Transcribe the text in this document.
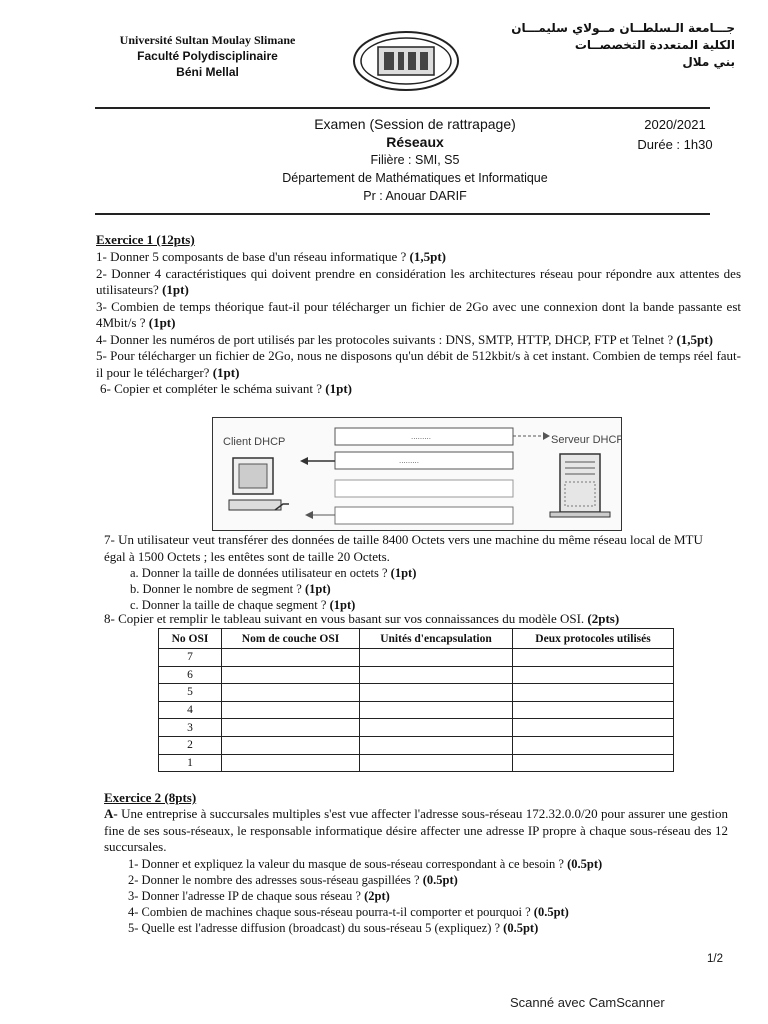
Université Sultan Moulay Slimane
Faculté Polydisciplinaire
Béni Mellal
جـــامعة الـسلطــان مــولاي سليمـــان
الكلية المتعددة التخصصــات
بني ملال
Examen (Session de rattrapage)
Réseaux
Filière : SMI, S5
Département de Mathématiques et Informatique
Pr : Anouar DARIF
2020/2021
Durée : 1h30
Exercice 1 (12pts)
1- Donner 5 composants de base d'un réseau informatique ? (1,5pt)
2- Donner 4 caractéristiques qui doivent prendre en considération les architectures réseau pour répondre aux attentes des utilisateurs? (1pt)
3- Combien de temps théorique faut-il pour télécharger un fichier de 2Go avec une connexion dont la bande passante est 4Mbit/s ? (1pt)
4- Donner les numéros de port utilisés par les protocoles suivants : DNS, SMTP, HTTP, DHCP, FTP et Telnet ? (1,5pt)
5- Pour télécharger un fichier de 2Go, nous ne disposons qu'un débit de 512kbit/s à cet instant. Combien de temps réel faut-il pour le télécharger? (1pt)
6- Copier et compléter le schéma suivant ? (1pt)
Client DHCP	Serveur DHCP
.........
.........
7- Un utilisateur veut transférer des données de taille 8400 Octets vers une machine du même réseau local de MTU égal à 1500 Octets ; les entêtes sont de taille 20 Octets.
a. Donner la taille de données utilisateur en octets ? (1pt)
b. Donner le nombre de segment ? (1pt)
c. Donner la taille de chaque segment ? (1pt)
8- Copier et remplir le tableau suivant en vous basant sur vos connaissances du modèle OSI. (2pts)
No OSI	Nom de couche OSI	Unités d'encapsulation	Deux protocoles utilisés
7			
6			
5			
4			
3			
2			
1			
Exercice 2 (8pts)
A- Une entreprise à succursales multiples s'est vue affecter l'adresse sous-réseau 172.32.0.0/20 pour assurer une gestion fine de ses sous-réseaux, le responsable informatique désire affecter une adresse IP propre à chaque sous-réseau des 12 succursales.
1- Donner et expliquez la valeur du masque de sous-réseau correspondant à ce besoin ? (0.5pt)
2- Donner le nombre des adresses sous-réseau gaspillées ? (0.5pt)
3- Donner l'adresse IP de chaque sous réseau ? (2pt)
4- Combien de machines chaque sous-réseau pourra-t-il comporter et pourquoi ? (0.5pt)
5- Quelle est l'adresse diffusion (broadcast) du sous-réseau 5 (expliquez) ? (0.5pt)
1/2
Scanné avec CamScanner
